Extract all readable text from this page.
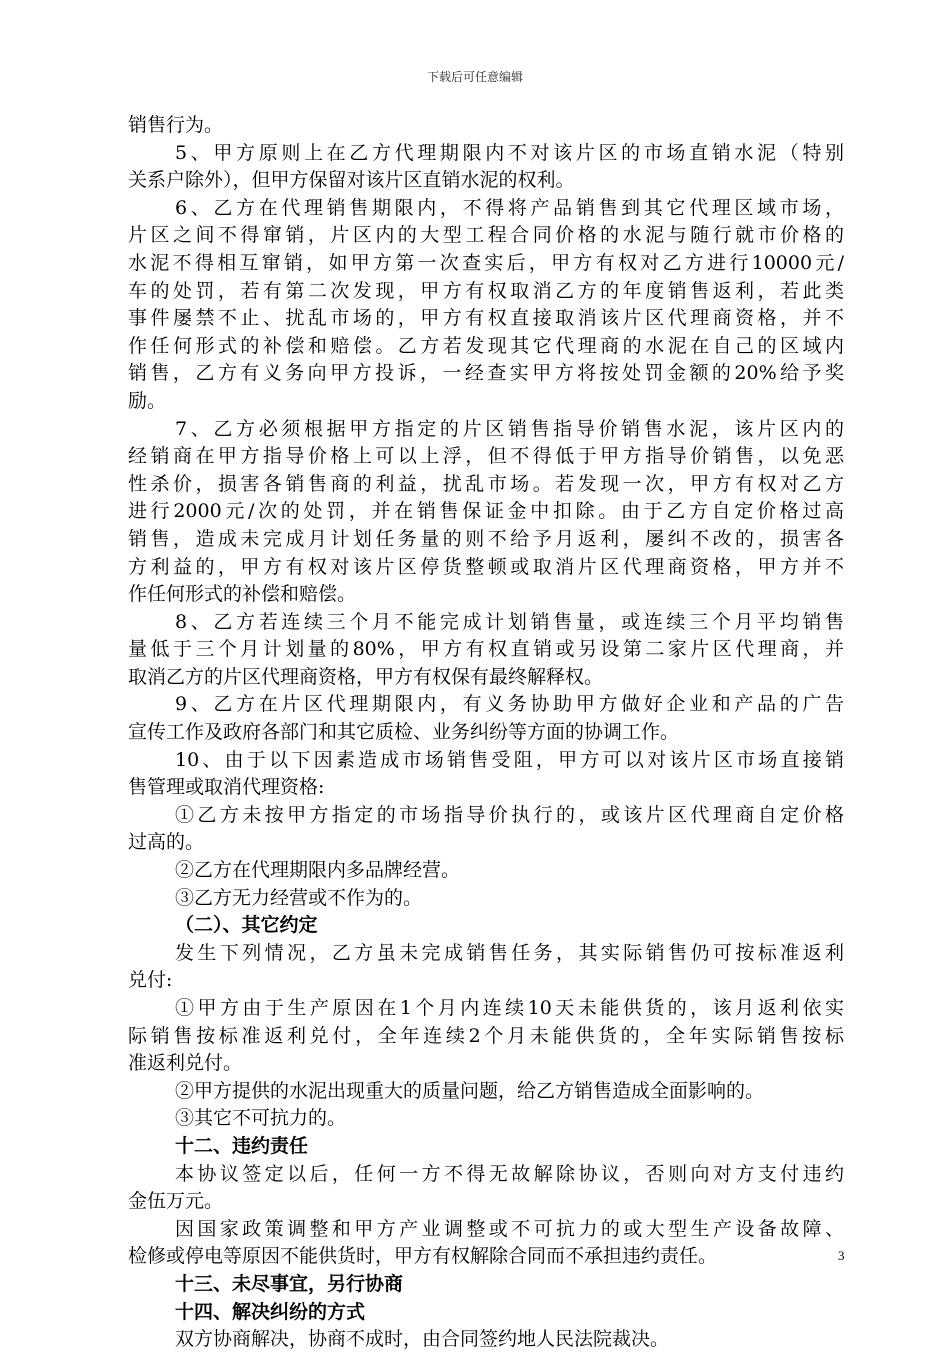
下载后可任意编辑
销售行为。
5、甲方原则上在乙方代理期限内不对该片区的市场直销水泥（特别
关系户除外），但甲方保留对该片区直销水泥的权利。
6、乙方在代理销售期限内，不得将产品销售到其它代理区域市场，
片区之间不得窜销，片区内的大型工程合同价格的水泥与随行就市价格的
水泥不得相互窜销，如甲方第一次查实后，甲方有权对乙方进行10000元/
车的处罚，若有第二次发现，甲方有权取消乙方的年度销售返利，若此类
事件屡禁不止、扰乱市场的，甲方有权直接取消该片区代理商资格，并不
作任何形式的补偿和赔偿。乙方若发现其它代理商的水泥在自己的区域内
销售，乙方有义务向甲方投诉，一经查实甲方将按处罚金额的20%给予奖
励。
7、乙方必须根据甲方指定的片区销售指导价销售水泥，该片区内的
经销商在甲方指导价格上可以上浮，但不得低于甲方指导价销售，以免恶
性杀价，损害各销售商的利益，扰乱市场。若发现一次，甲方有权对乙方
进行2000元/次的处罚，并在销售保证金中扣除。由于乙方自定价格过高
销售，造成未完成月计划任务量的则不给予月返利，屡纠不改的，损害各
方利益的，甲方有权对该片区停货整顿或取消片区代理商资格，甲方并不
作任何形式的补偿和赔偿。
8、乙方若连续三个月不能完成计划销售量，或连续三个月平均销售
量低于三个月计划量的80%，甲方有权直销或另设第二家片区代理商，并
取消乙方的片区代理商资格，甲方有权保有最终解释权。
9、乙方在片区代理期限内，有义务协助甲方做好企业和产品的广告
宣传工作及政府各部门和其它质检、业务纠纷等方面的协调工作。
10、由于以下因素造成市场销售受阻，甲方可以对该片区市场直接销
售管理或取消代理资格:
①乙方未按甲方指定的市场指导价执行的，或该片区代理商自定价格
过高的。
②乙方在代理期限内多品牌经营。
③乙方无力经营或不作为的。
（二）、其它约定
发生下列情况，乙方虽未完成销售任务，其实际销售仍可按标准返利
兑付:
①甲方由于生产原因在1个月内连续10天未能供货的，该月返利依实
际销售按标准返利兑付，全年连续2个月未能供货的，全年实际销售按标
准返利兑付。
②甲方提供的水泥出现重大的质量问题，给乙方销售造成全面影响的。
③其它不可抗力的。
十二、违约责任
本协议签定以后，任何一方不得无故解除协议，否则向对方支付违约
金伍万元。
因国家政策调整和甲方产业调整或不可抗力的或大型生产设备故障、
检修或停电等原因不能供货时，甲方有权解除合同而不承担违约责任。
十三、未尽事宜，另行协商
十四、解决纠纷的方式
双方协商解决，协商不成时，由合同签约地人民法院裁决。
3
